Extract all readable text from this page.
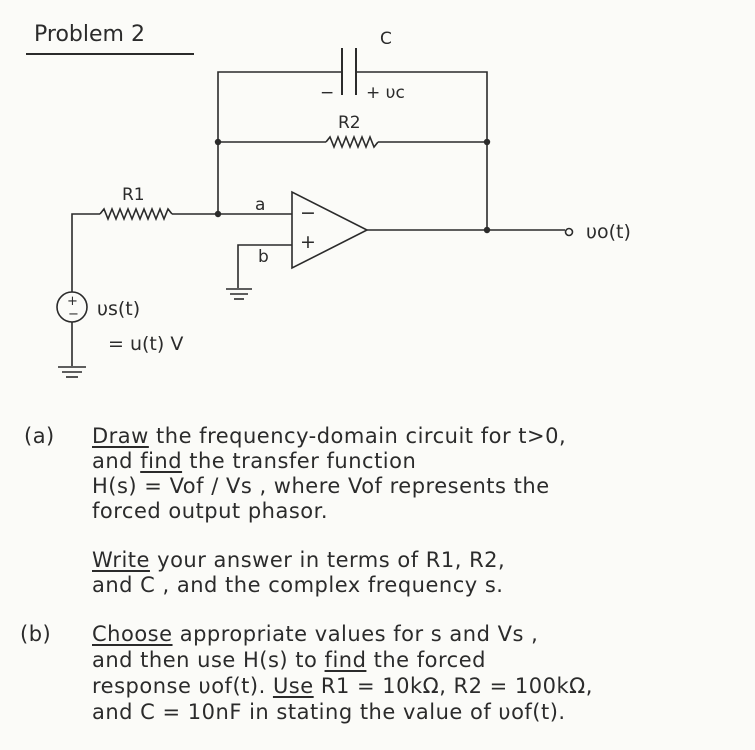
Problem 2	C
− + υc
R2
R1	a
b
−
+	υo(t)
+
− υs(t)
= u(t) V
(a) Draw the frequency-domain circuit for t>0,
and find the transfer function
H(s) = Vof / Vs , where Vof represents the
forced output phasor.
Write your answer in terms of R1, R2,
and C , and the complex frequency s.
(b) Choose appropriate values for s and Vs ,
and then use H(s) to find the forced
response υof(t). Use R1 = 10kΩ, R2 = 100kΩ,
and C = 10nF in stating the value of υof(t).
